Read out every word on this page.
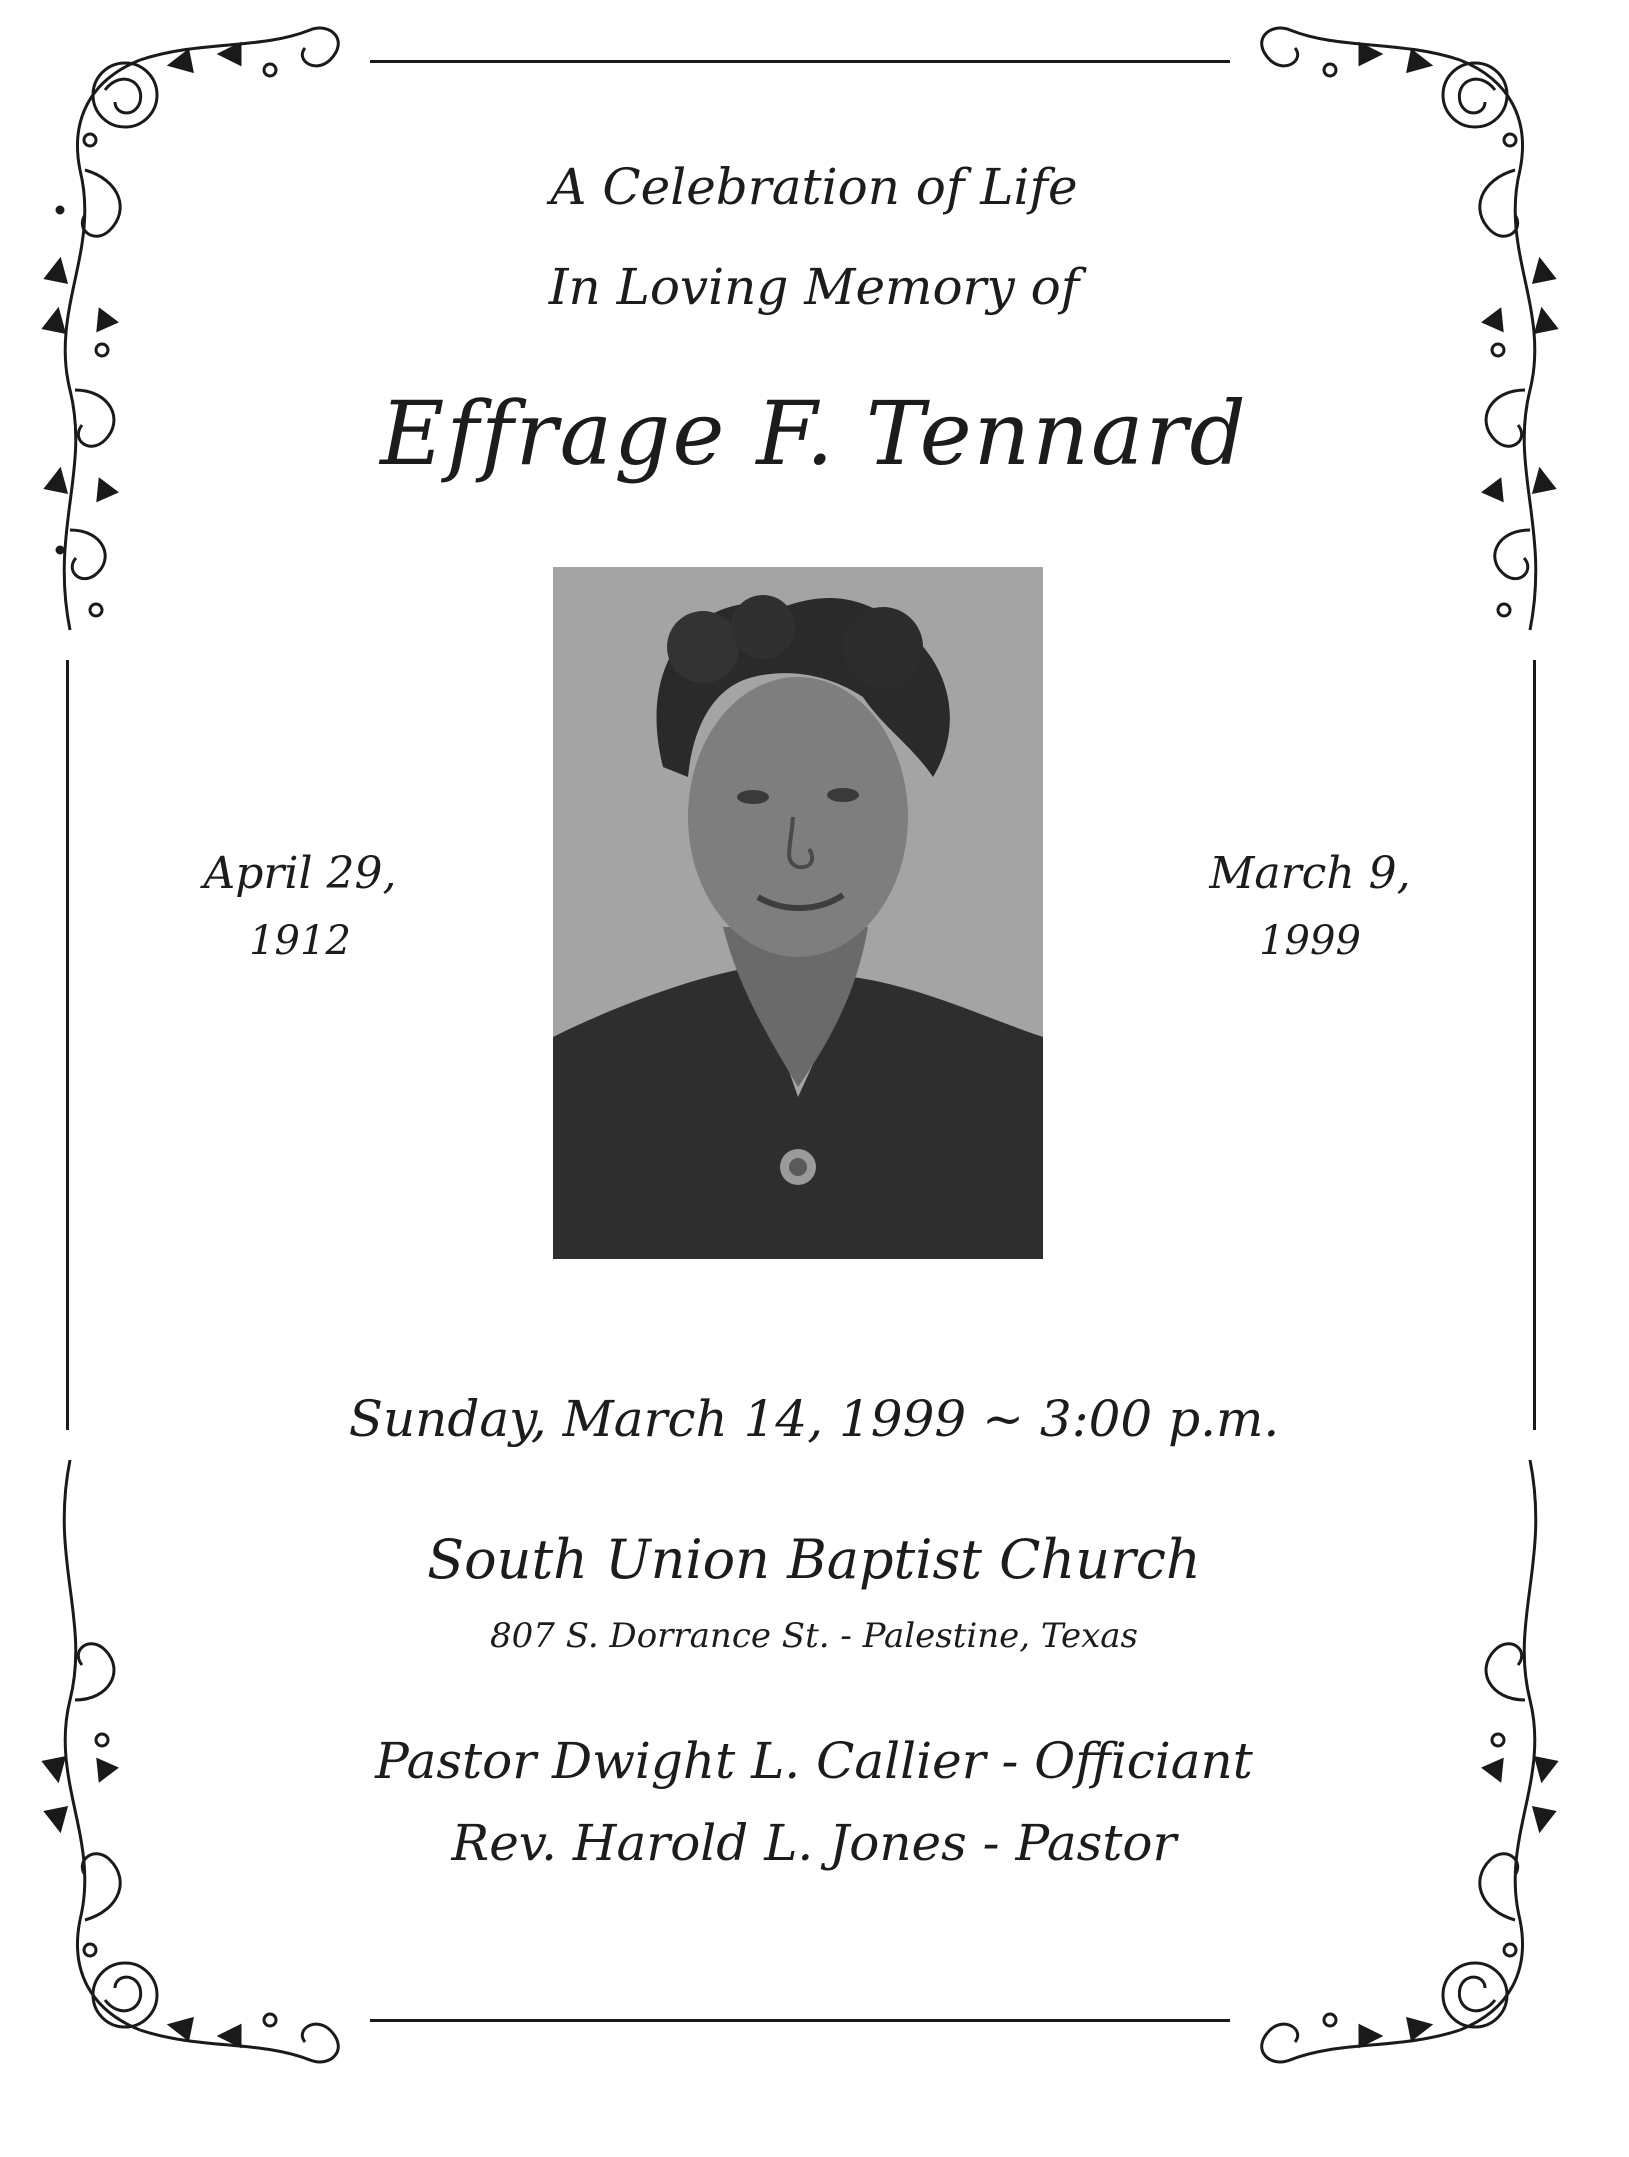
A Celebration of Life
In Loving Memory of
Effrage F. Tennard
April 29,
1912
March 9,
1999
Sunday, March 14, 1999 ~ 3:00 p.m.
South Union Baptist Church
807 S. Dorrance St. - Palestine, Texas
Pastor Dwight L. Callier - Officiant
Rev. Harold L. Jones - Pastor
